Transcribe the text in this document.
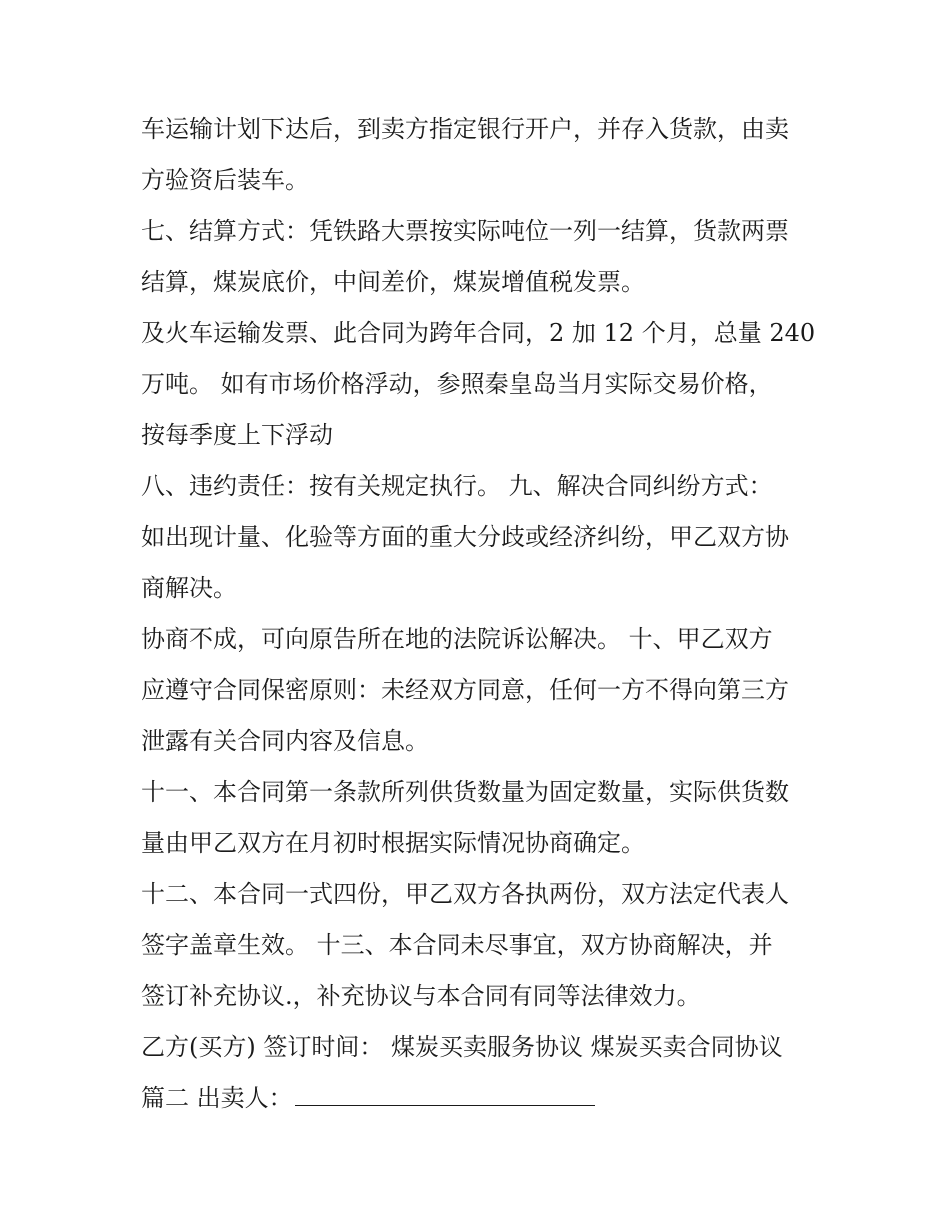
车运输计划下达后，到卖方指定银行开户，并存入货款，由卖
方验资后装车。
七、结算方式：凭铁路大票按实际吨位一列一结算，货款两票
结算，煤炭底价，中间差价，煤炭增值税发票。
及火车运输发票、此合同为跨年合同，2 加 12 个月，总量 240
万吨。 如有市场价格浮动，参照秦皇岛当月实际交易价格，
按每季度上下浮动
八、违约责任：按有关规定执行。 九、解决合同纠纷方式：
如出现计量、化验等方面的重大分歧或经济纠纷，甲乙双方协
商解决。
协商不成，可向原告所在地的法院诉讼解决。 十、甲乙双方
应遵守合同保密原则：未经双方同意，任何一方不得向第三方
泄露有关合同内容及信息。
十一、本合同第一条款所列供货数量为固定数量，实际供货数
量由甲乙双方在月初时根据实际情况协商确定。
十二、本合同一式四份，甲乙双方各执两份，双方法定代表人
签字盖章生效。 十三、本合同未尽事宜，双方协商解决，并
签订补充协议.，补充协议与本合同有同等法律效力。
乙方(买方) 签订时间： 煤炭买卖服务协议 煤炭买卖合同协议
篇二 出卖人：
